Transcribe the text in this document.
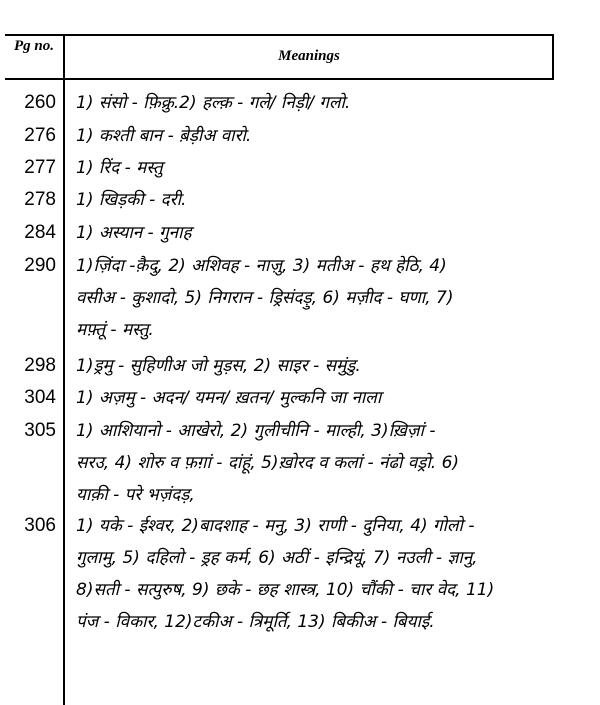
Pg no.
Meanings
260 1) संसो - फ़िक्रु.2) हल्क़ - गले/ निड़ी/ गलो.
276 1) कश्ती बान - ब़ेड़ीअ वारो.
277 1) रिंद - मस्तु
278 1) खिड़की - दरी.
284 1) अस्यान - गुनाह
290 1)ज़िंदा -क़ैदु, 2) अशिवह - नाज़ु, 3) मतीअ - हथ हेठि, 4)
वसीअ - कुशादो, 5) निगरान - ड्रिसंदड़ु, 6) मज़ीद - घणा, 7)
मफ़्तूं - मस्तु.
298 1)ड्रमु - सुहिणीअ जो मुड़स, 2) साइर - समुंडु.
304 1) अज़मु - अदन/ यमन/ ख़तन/ मुल्कनि जा नाला
305 1) आशियानो - आखेरो, 2) गुलीचीनि - माल्ही, 3)ख़िज़ां -
सरउ, 4) शोरु व फ़ग़ां - दांहूं, 5)ख़ोरद व कलां - नंढो वड्रो. 6)
याक़ी - परे भज़ंदड़,
306 1) यके - ईश्वर, 2)बादशाह - मनु, 3) राणी - दुनिया, 4) गोलो -
गुलामु, 5) दहिलो - ड्रह कर्म, 6) अठीं - इन्द्रियूं, 7) नउली - ज्ञानु,
8)सती - सत्पुरुष, 9) छके - छह शास्त्र, 10) चौंकी - चार वेद, 11)
पंज - विकार, 12)टकीअ - त्रिमूर्ति, 13) बिकीअ - बियाई.
